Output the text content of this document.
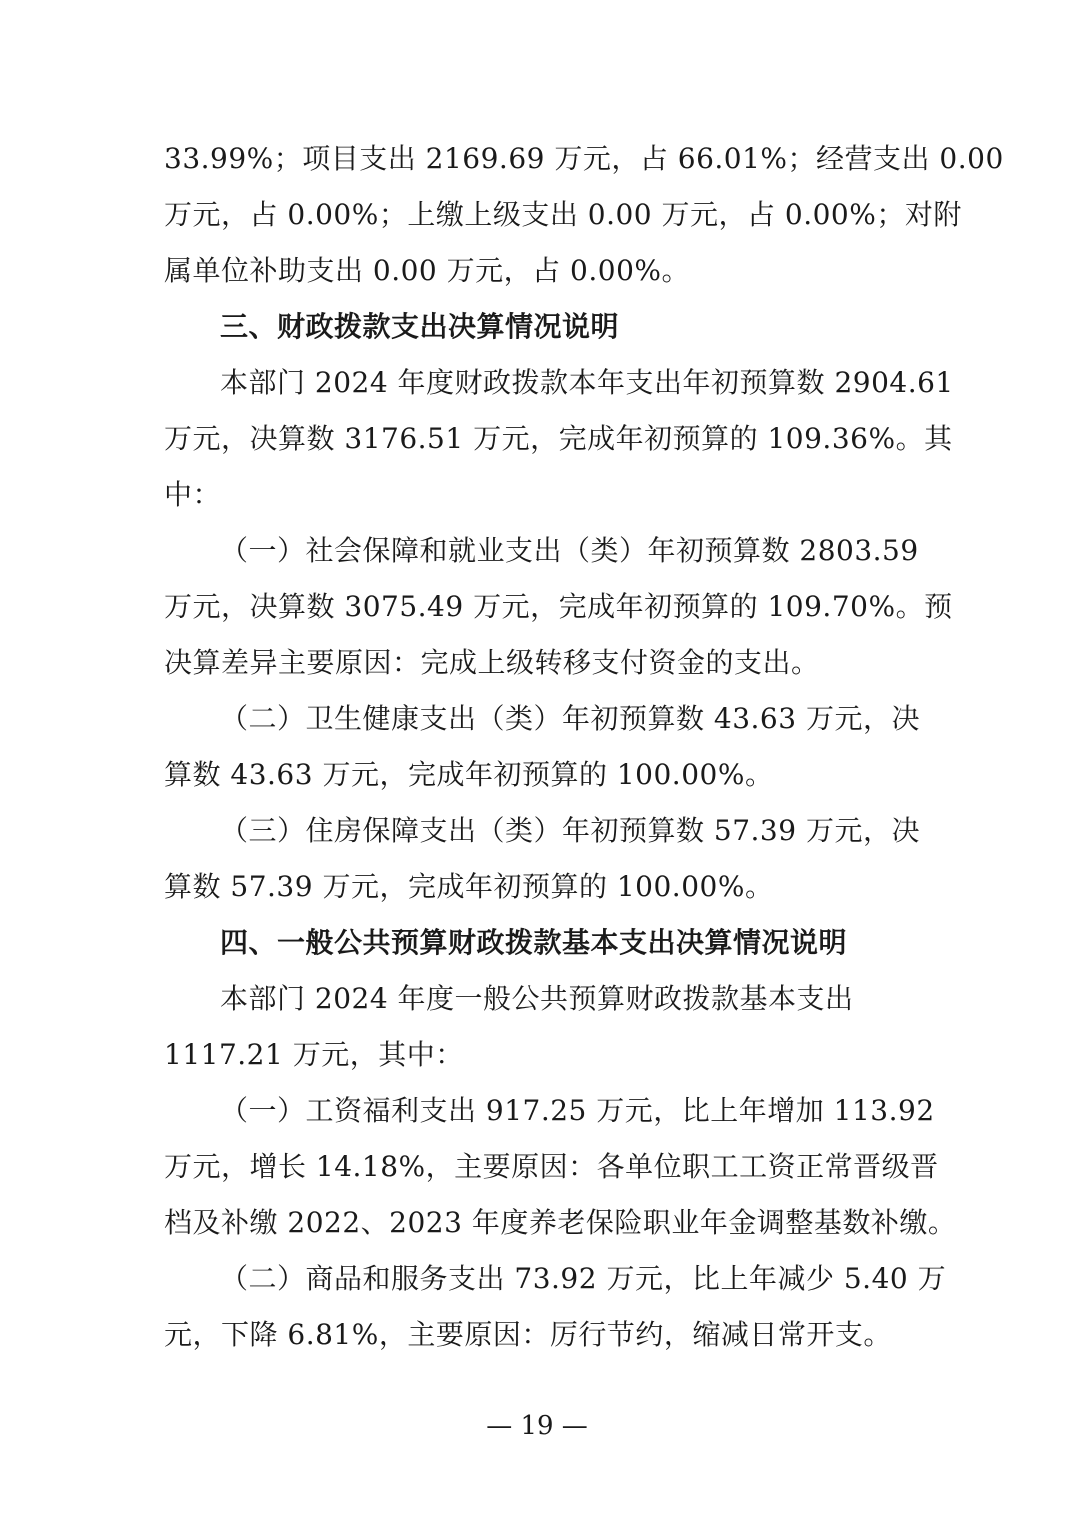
33.99%；项目支出 2169.69 万元，占 66.01%；经营支出 0.00
万元，占 0.00%；上缴上级支出 0.00 万元，占 0.00%；对附
属单位补助支出 0.00 万元，占 0.00%。
三、财政拨款支出决算情况说明
本部门 2024 年度财政拨款本年支出年初预算数 2904.61
万元，决算数 3176.51 万元，完成年初预算的 109.36%。其
中：
（一）社会保障和就业支出（类）年初预算数 2803.59
万元，决算数 3075.49 万元，完成年初预算的 109.70%。预
决算差异主要原因：完成上级转移支付资金的支出。
（二）卫生健康支出（类）年初预算数 43.63 万元，决
算数 43.63 万元，完成年初预算的 100.00%。
（三）住房保障支出（类）年初预算数 57.39 万元，决
算数 57.39 万元，完成年初预算的 100.00%。
四、一般公共预算财政拨款基本支出决算情况说明
本部门 2024 年度一般公共预算财政拨款基本支出
1117.21 万元，其中：
（一）工资福利支出 917.25 万元，比上年增加 113.92
万元，增长 14.18%，主要原因：各单位职工工资正常晋级晋
档及补缴 2022、2023 年度养老保险职业年金调整基数补缴。
（二）商品和服务支出 73.92 万元，比上年减少 5.40 万
元，下降 6.81%，主要原因：厉行节约，缩减日常开支。
— 19 —
